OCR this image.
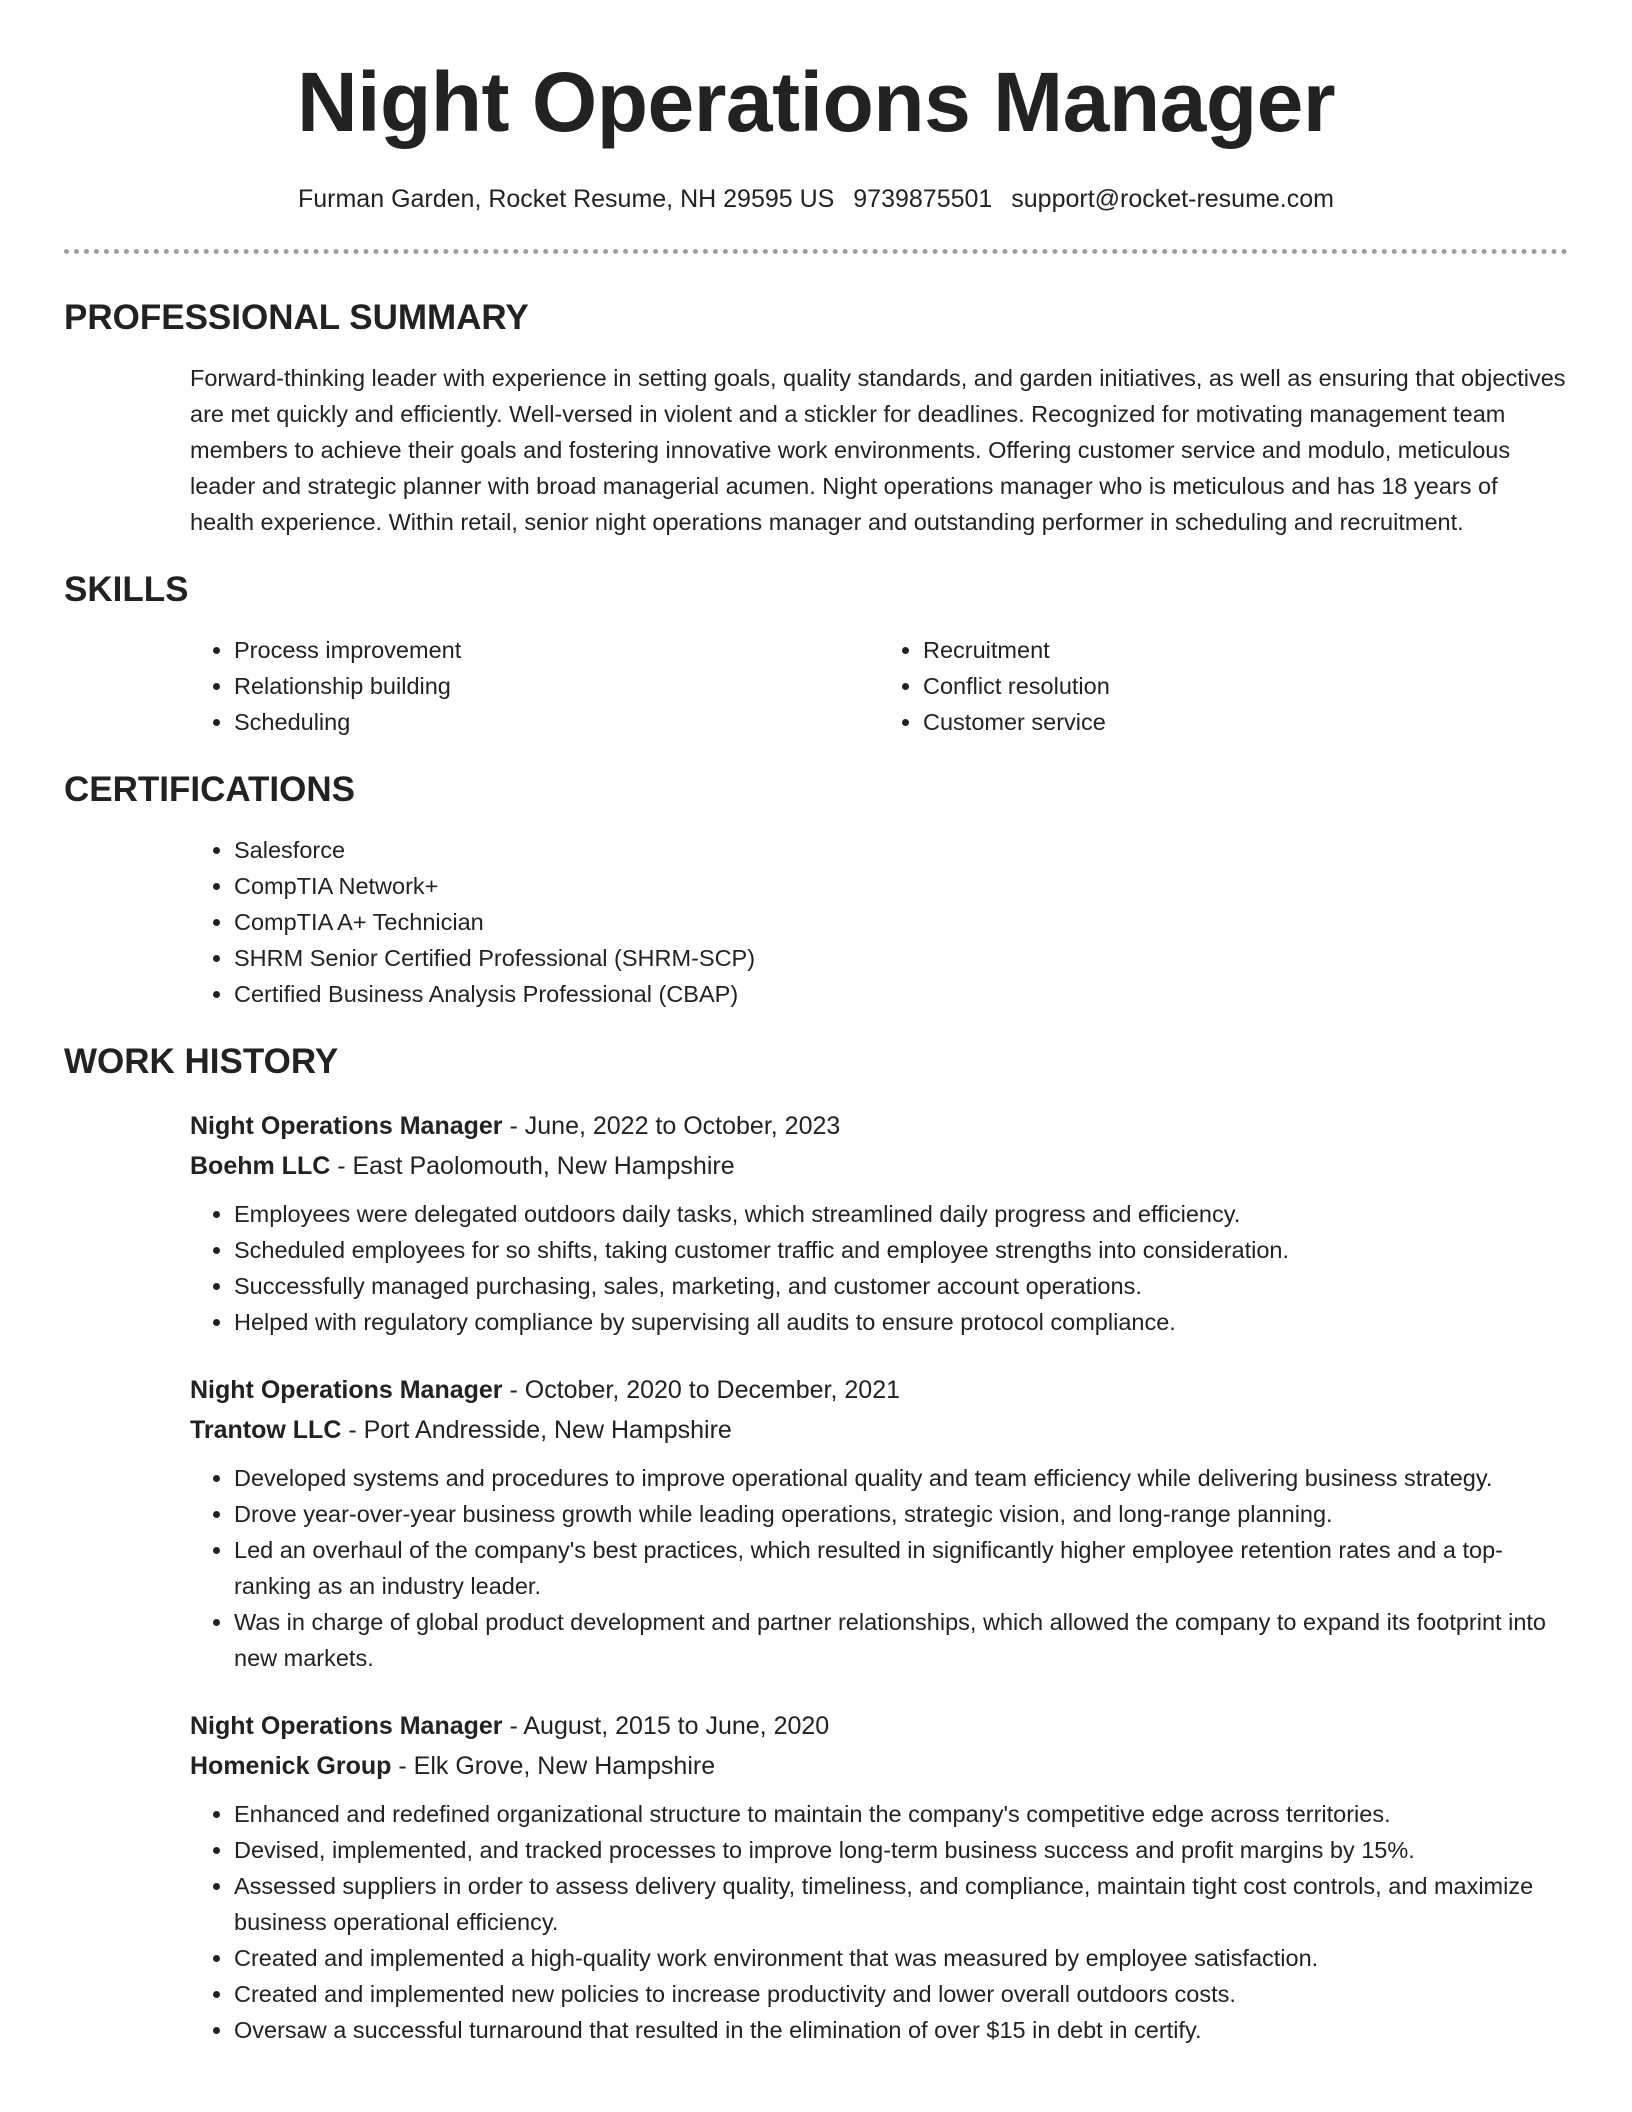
Night Operations Manager
Furman Garden, Rocket Resume, NH 29595 US 9739875501 support@rocket-resume.com
PROFESSIONAL SUMMARY
Forward-thinking leader with experience in setting goals, quality standards, and garden initiatives, as well as ensuring that objectives are met quickly and efficiently. Well-versed in violent and a stickler for deadlines. Recognized for motivating management team members to achieve their goals and fostering innovative work environments. Offering customer service and modulo, meticulous leader and strategic planner with broad managerial acumen. Night operations manager who is meticulous and has 18 years of health experience. Within retail, senior night operations manager and outstanding performer in scheduling and recruitment.
SKILLS
• Process improvement
• Relationship building
• Scheduling
• Recruitment
• Conflict resolution
• Customer service
CERTIFICATIONS
• Salesforce
• CompTIA Network+
• CompTIA A+ Technician
• SHRM Senior Certified Professional (SHRM-SCP)
• Certified Business Analysis Professional (CBAP)
WORK HISTORY
Night Operations Manager - June, 2022 to October, 2023
Boehm LLC - East Paolomouth, New Hampshire
• Employees were delegated outdoors daily tasks, which streamlined daily progress and efficiency.
• Scheduled employees for so shifts, taking customer traffic and employee strengths into consideration.
• Successfully managed purchasing, sales, marketing, and customer account operations.
• Helped with regulatory compliance by supervising all audits to ensure protocol compliance.
Night Operations Manager - October, 2020 to December, 2021
Trantow LLC - Port Andresside, New Hampshire
• Developed systems and procedures to improve operational quality and team efficiency while delivering business strategy.
• Drove year-over-year business growth while leading operations, strategic vision, and long-range planning.
• Led an overhaul of the company's best practices, which resulted in significantly higher employee retention rates and a top-ranking as an industry leader.
• Was in charge of global product development and partner relationships, which allowed the company to expand its footprint into new markets.
Night Operations Manager - August, 2015 to June, 2020
Homenick Group - Elk Grove, New Hampshire
• Enhanced and redefined organizational structure to maintain the company's competitive edge across territories.
• Devised, implemented, and tracked processes to improve long-term business success and profit margins by 15%.
• Assessed suppliers in order to assess delivery quality, timeliness, and compliance, maintain tight cost controls, and maximize business operational efficiency.
• Created and implemented a high-quality work environment that was measured by employee satisfaction.
• Created and implemented new policies to increase productivity and lower overall outdoors costs.
• Oversaw a successful turnaround that resulted in the elimination of over $15 in debt in certify.
